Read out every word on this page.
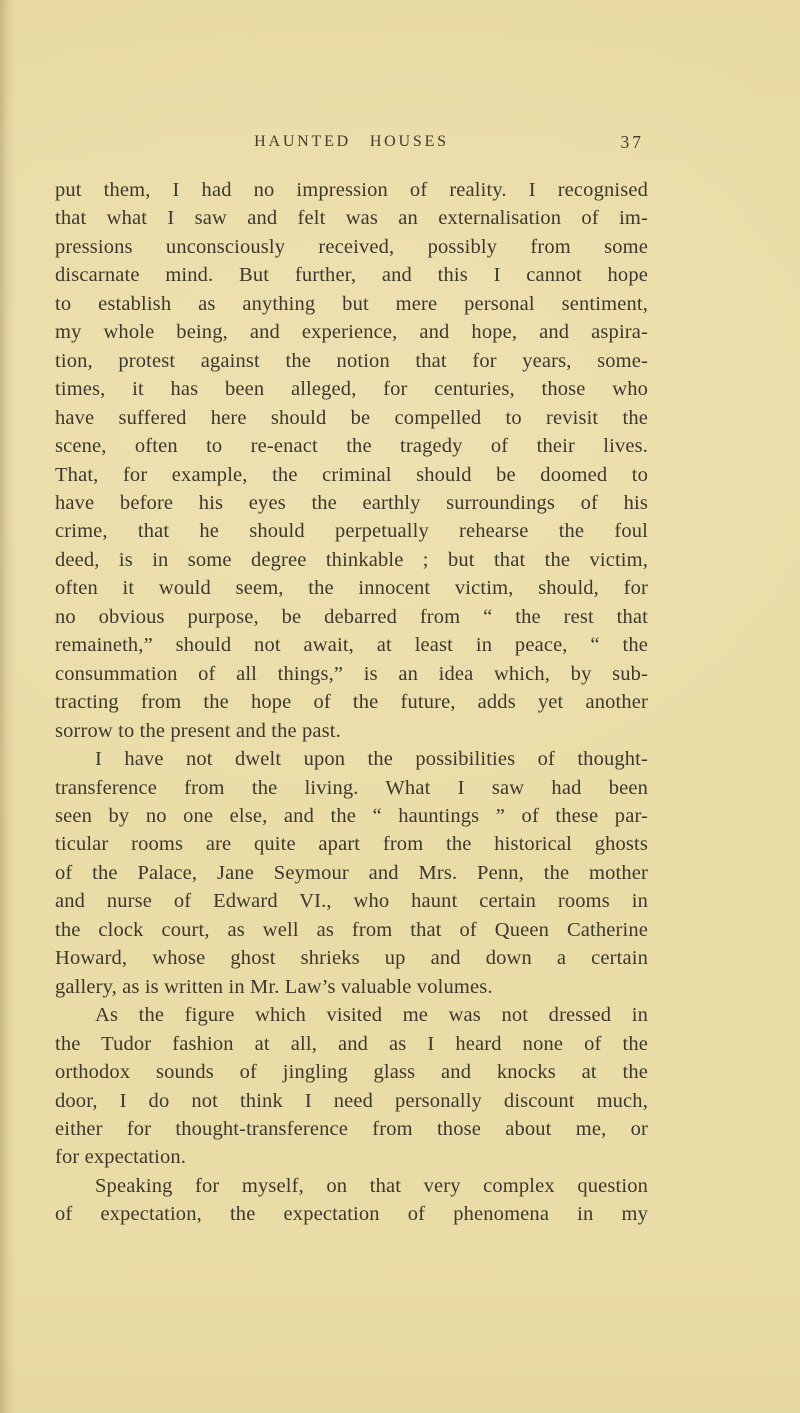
HAUNTED HOUSES	37
put them, I had no impression of reality. I recognised
that what I saw and felt was an externalisation of im-
pressions unconsciously received, possibly from some
discarnate mind. But further, and this I cannot hope
to establish as anything but mere personal sentiment,
my whole being, and experience, and hope, and aspira-
tion, protest against the notion that for years, some-
times, it has been alleged, for centuries, those who
have suffered here should be compelled to revisit the
scene, often to re-enact the tragedy of their lives.
That, for example, the criminal should be doomed to
have before his eyes the earthly surroundings of his
crime, that he should perpetually rehearse the foul
deed, is in some degree thinkable ; but that the victim,
often it would seem, the innocent victim, should, for
no obvious purpose, be debarred from “ the rest that
remaineth,” should not await, at least in peace, “ the
consummation of all things,” is an idea which, by sub-
tracting from the hope of the future, adds yet another
sorrow to the present and the past.
I have not dwelt upon the possibilities of thought-
transference from the living. What I saw had been
seen by no one else, and the “ hauntings ” of these par-
ticular rooms are quite apart from the historical ghosts
of the Palace, Jane Seymour and Mrs. Penn, the mother
and nurse of Edward VI., who haunt certain rooms in
the clock court, as well as from that of Queen Catherine
Howard, whose ghost shrieks up and down a certain
gallery, as is written in Mr. Law’s valuable volumes.
As the figure which visited me was not dressed in
the Tudor fashion at all, and as I heard none of the
orthodox sounds of jingling glass and knocks at the
door, I do not think I need personally discount much,
either for thought-transference from those about me, or
for expectation.
Speaking for myself, on that very complex question
of expectation, the expectation of phenomena in my
